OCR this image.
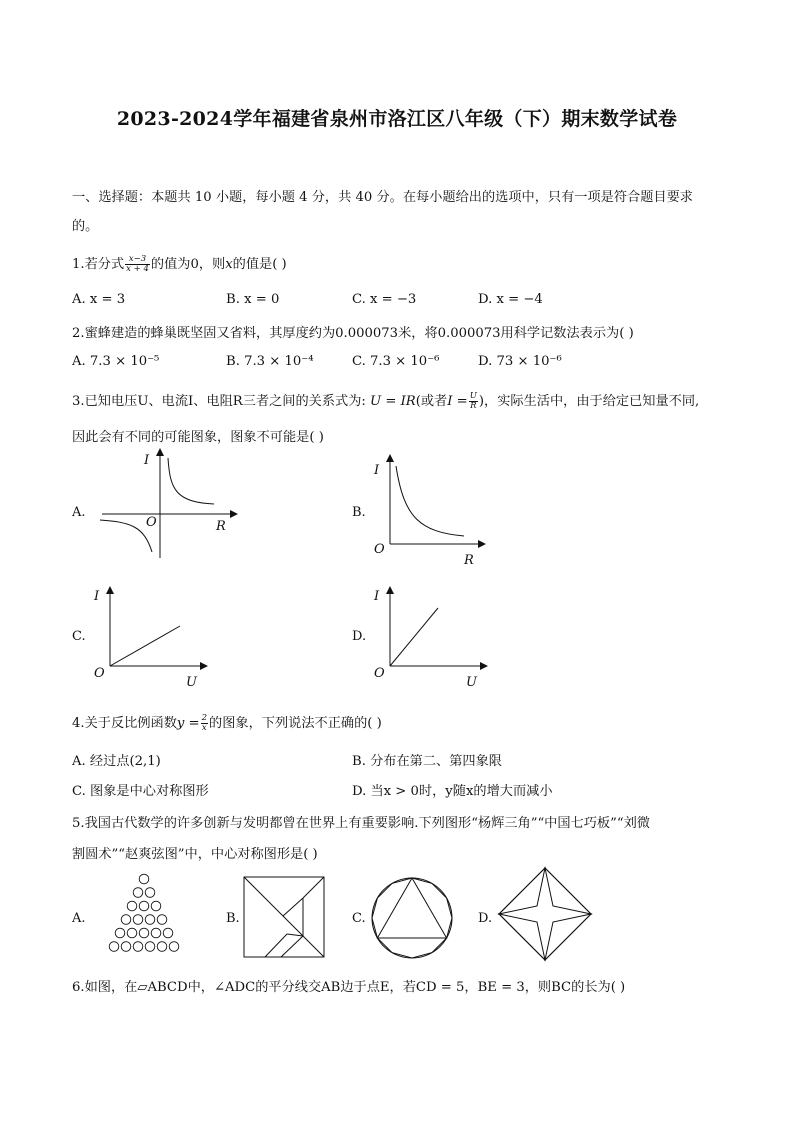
2023-2024学年福建省泉州市洛江区八年级（下）期末数学试卷
一、选择题：本题共 10 小题，每小题 4 分，共 40 分。在每小题给出的选项中，只有一项是符合题目要求
的。
1.若分式 $\frac{x-3}{x + 4}$ 的值为0，则x的值是( )
A. x = 3	B. x = 0	C. x = −3	D. x = −4
2.蜜蜂建造的蜂巢既坚固又省料，其厚度约为0.000073米，将0.000073用科学记数法表示为( )
A. 7.3 × 10⁻⁵	B. 7.3 × 10⁻⁴	C. 7.3 × 10⁻⁶	D. 73 × 10⁻⁶
3.已知电压U、电流I、电阻R三者之间的关系式为: U = IR(或者$I = \frac{U}{R}$ )，实际生活中，由于给定已知量不同,
因此会有不同的可能图象，图象不可能是( )
A.	B.
C.	D.
I
O	R
I
O
R
I
O
U
I
O
U
4.关于反比例函数$y = \frac{2}{x}$ 的图象，下列说法不正确的( )
A. 经过点(2,1)	B. 分布在第二、第四象限
C. 图象是中心对称图形	D. 当x > 0时，y随x的增大而减小
5.我国古代数学的许多创新与发明都曾在世界上有重要影响.下列图形“杨辉三角”“中国七巧板”“刘微
割圆术”“赵爽弦图”中，中心对称图形是( )
A.	B.	C.	D.
6.如图，在▱ABCD中，∠ADC的平分线交AB边于点E，若CD = 5，BE = 3，则BC的长为( )
